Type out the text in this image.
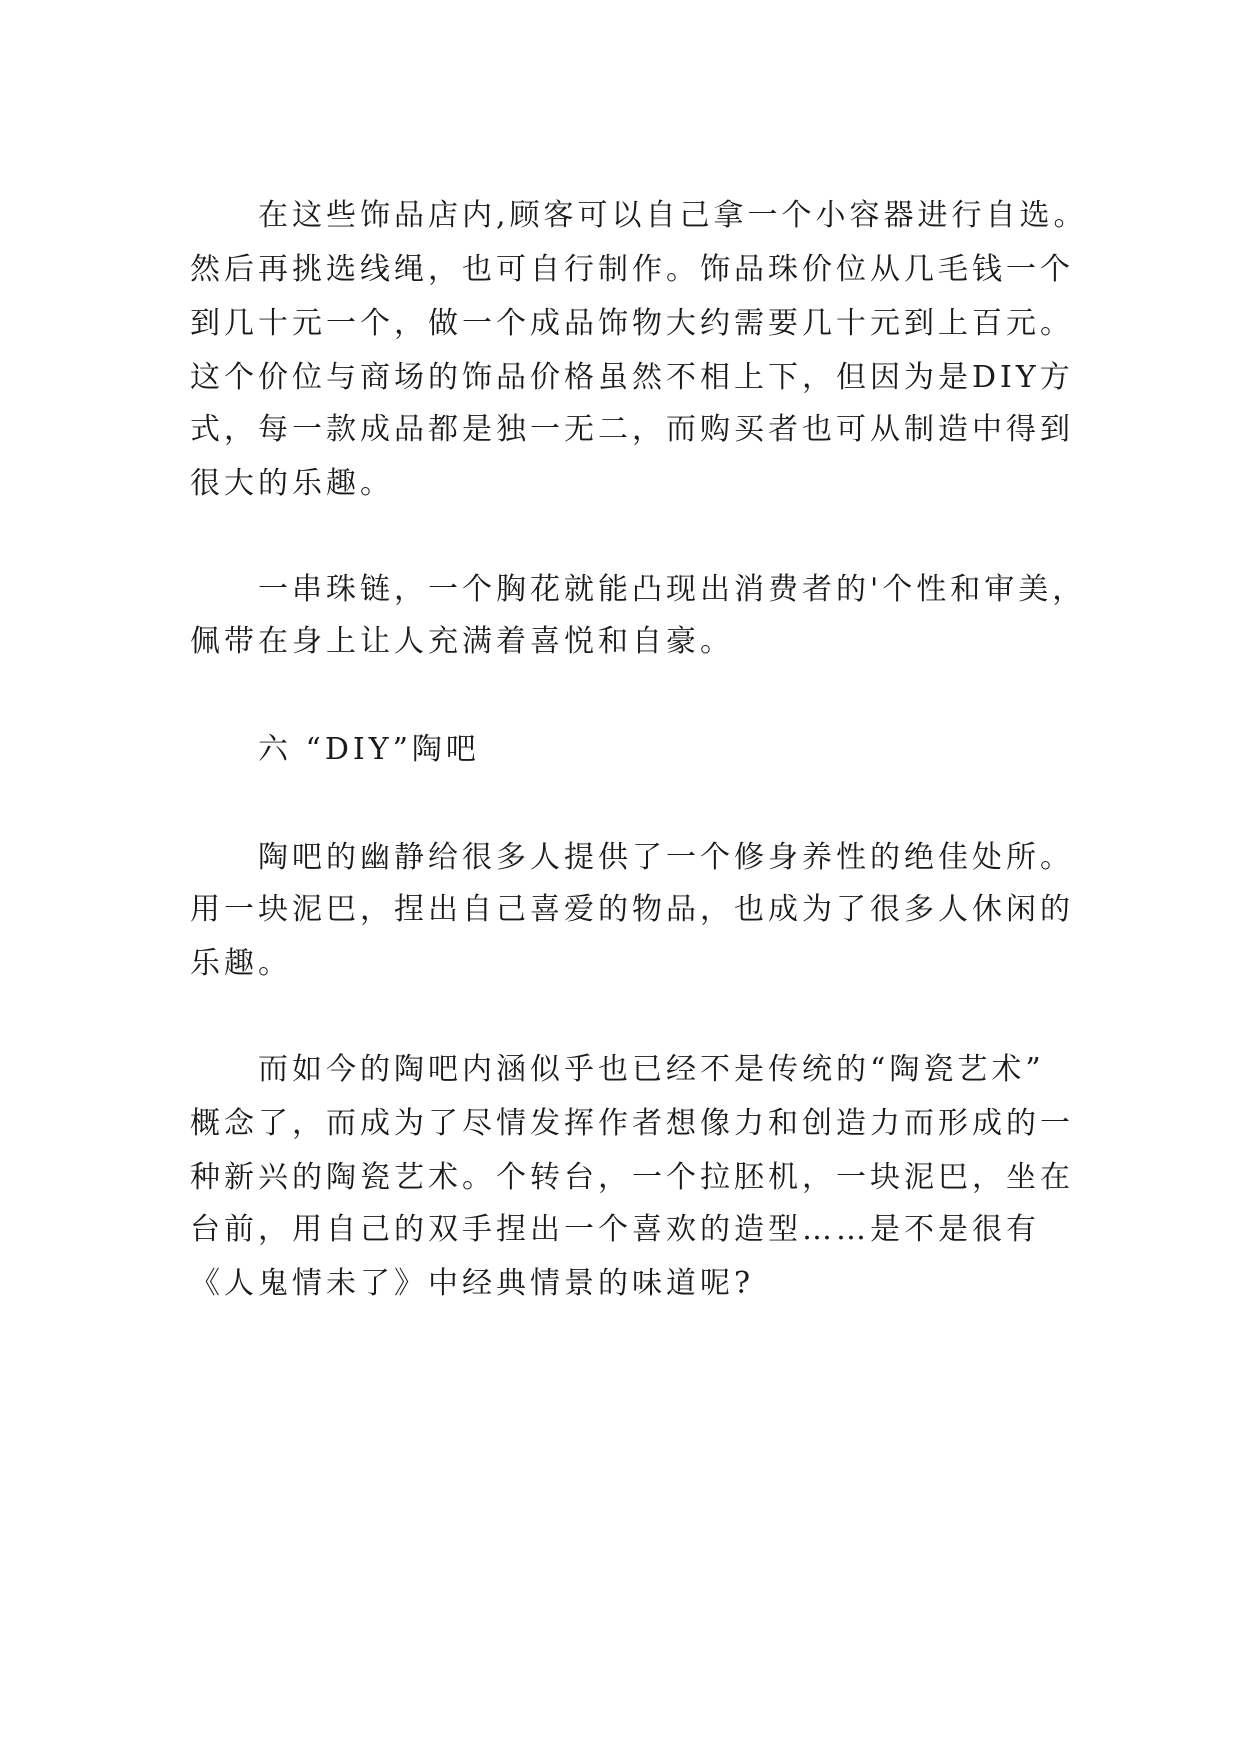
在这些饰品店内,顾客可以自己拿一个小容器进行自选。
然后再挑选线绳，也可自行制作。饰品珠价位从几毛钱一个
到几十元一个，做一个成品饰物大约需要几十元到上百元。
这个价位与商场的饰品价格虽然不相上下，但因为是DIY方
式，每一款成品都是独一无二，而购买者也可从制造中得到
很大的乐趣。
一串珠链，一个胸花就能凸现出消费者的'个性和审美，
佩带在身上让人充满着喜悦和自豪。
六 “DIY”陶吧
陶吧的幽静给很多人提供了一个修身养性的绝佳处所。
用一块泥巴，捏出自己喜爱的物品，也成为了很多人休闲的
乐趣。
而如今的陶吧内涵似乎也已经不是传统的“陶瓷艺术”
概念了，而成为了尽情发挥作者想像力和创造力而形成的一
种新兴的陶瓷艺术。个转台，一个拉胚机，一块泥巴，坐在
台前，用自己的双手捏出一个喜欢的造型……是不是很有
《人鬼情未了》中经典情景的味道呢?
